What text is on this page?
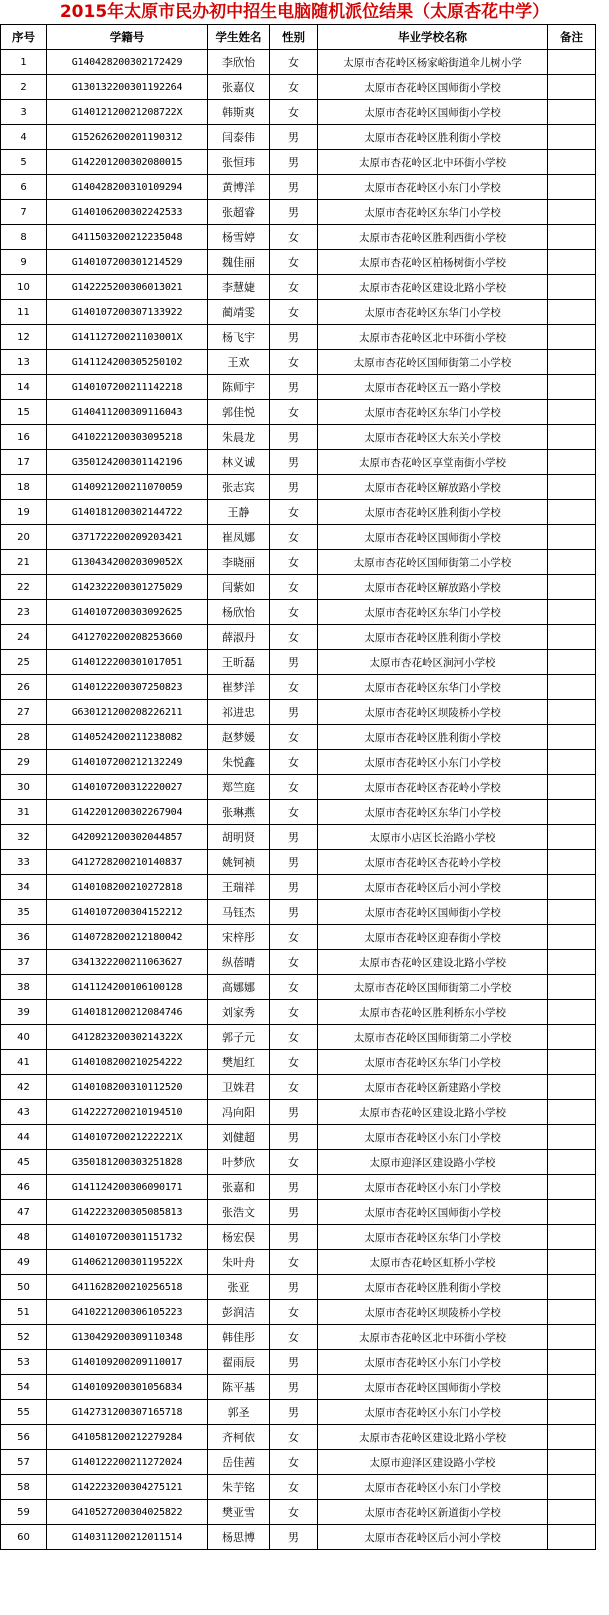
2015年太原市民办初中招生电脑随机派位结果（太原杏花中学）
序号	学籍号	学生姓名	性别	毕业学校名称	备注
1	G140428200302172429	李欣怡	女	太原市杏花岭区杨家峪街道伞儿树小学	
2	G130132200301192264	张嘉仪	女	太原市杏花岭区国师街小学校	
3	G14012120021208722X	韩斯爽	女	太原市杏花岭区国师街小学校	
4	G152626200201190312	闫泰伟	男	太原市杏花岭区胜利街小学校	
5	G142201200302080015	张恒玮	男	太原市杏花岭区北中环街小学校	
6	G140428200310109294	黄博洋	男	太原市杏花岭区小东门小学校	
7	G140106200302242533	张超睿	男	太原市杏花岭区东华门小学校	
8	G411503200212235048	杨雪婷	女	太原市杏花岭区胜利西街小学校	
9	G140107200301214529	魏佳丽	女	太原市杏花岭区柏杨树街小学校	
10	G142225200306013021	李慧婕	女	太原市杏花岭区建设北路小学校	
11	G140107200307133922	蔺靖雯	女	太原市杏花岭区东华门小学校	
12	G14112720021103001X	杨飞宇	男	太原市杏花岭区北中环街小学校	
13	G141124200305250102	王欢	女	太原市杏花岭区国师街第二小学校	
14	G140107200211142218	陈师宇	男	太原市杏花岭区五一路小学校	
15	G140411200309116043	郭佳悦	女	太原市杏花岭区东华门小学校	
16	G410221200303095218	朱晨龙	男	太原市杏花岭区大东关小学校	
17	G350124200301142196	林义诚	男	太原市杏花岭区享堂南街小学校	
18	G140921200211070059	张志宾	男	太原市杏花岭区解放路小学校	
19	G140181200302144722	王静	女	太原市杏花岭区胜利街小学校	
20	G371722200209203421	崔凤娜	女	太原市杏花岭区国师街小学校	
21	G13043420020309052X	李晓丽	女	太原市杏花岭区国师街第二小学校	
22	G142322200301275029	闫紫如	女	太原市杏花岭区解放路小学校	
23	G140107200303092625	杨欣怡	女	太原市杏花岭区东华门小学校	
24	G412702200208253660	薛淑丹	女	太原市杏花岭区胜利街小学校	
25	G140122200301017051	王昕磊	男	太原市杏花岭区涧河小学校	
26	G140122200307250823	崔梦洋	女	太原市杏花岭区东华门小学校	
27	G630121200208226211	祁进忠	男	太原市杏花岭区坝陵桥小学校	
28	G140524200211238082	赵梦媛	女	太原市杏花岭区胜利街小学校	
29	G140107200212132249	朱悦鑫	女	太原市杏花岭区小东门小学校	
30	G140107200312220027	郑竺庭	女	太原市杏花岭区杏花岭小学校	
31	G142201200302267904	张琳燕	女	太原市杏花岭区东华门小学校	
32	G420921200302044857	胡明贤	男	太原市小店区长治路小学校	
33	G412728200210140837	姚钶祯	男	太原市杏花岭区杏花岭小学校	
34	G140108200210272818	王瑞祥	男	太原市杏花岭区后小河小学校	
35	G140107200304152212	马钰杰	男	太原市杏花岭区国师街小学校	
36	G140728200212180042	宋梓彤	女	太原市杏花岭区迎春街小学校	
37	G341322200211063627	纵蓓晴	女	太原市杏花岭区建设北路小学校	
38	G141124200106100128	高娜娜	女	太原市杏花岭区国师街第二小学校	
39	G140181200212084746	刘家秀	女	太原市杏花岭区胜利桥东小学校	
40	G41282320030214322X	郭子元	女	太原市杏花岭区国师街第二小学校	
41	G140108200210254222	樊旭红	女	太原市杏花岭区东华门小学校	
42	G140108200310112520	卫姝君	女	太原市杏花岭区新建路小学校	
43	G142227200210194510	冯向阳	男	太原市杏花岭区建设北路小学校	
44	G14010720021222221X	刘健超	男	太原市杏花岭区小东门小学校	
45	G350181200303251828	叶梦欣	女	太原市迎泽区建设路小学校	
46	G141124200306090171	张嘉和	男	太原市杏花岭区小东门小学校	
47	G142223200305085813	张浩文	男	太原市杏花岭区国师街小学校	
48	G140107200301151732	杨宏俣	男	太原市杏花岭区东华门小学校	
49	G14062120030119522X	朱叶舟	女	太原市杏花岭区虹桥小学校	
50	G411628200210256518	张亚	男	太原市杏花岭区胜利街小学校	
51	G410221200306105223	彭润洁	女	太原市杏花岭区坝陵桥小学校	
52	G130429200309110348	韩佳彤	女	太原市杏花岭区北中环街小学校	
53	G140109200209110017	翟雨辰	男	太原市杏花岭区小东门小学校	
54	G140109200301056834	陈平基	男	太原市杏花岭区国师街小学校	
55	G142731200307165718	郭圣	男	太原市杏花岭区小东门小学校	
56	G410581200212279284	齐柯依	女	太原市杏花岭区建设北路小学校	
57	G140122200211272024	岳佳茜	女	太原市迎泽区建设路小学校	
58	G142223200304275121	朱芋铭	女	太原市杏花岭区小东门小学校	
59	G410527200304025822	樊亚雪	女	太原市杏花岭区新道街小学校	
60	G140311200212011514	杨思博	男	太原市杏花岭区后小河小学校	
